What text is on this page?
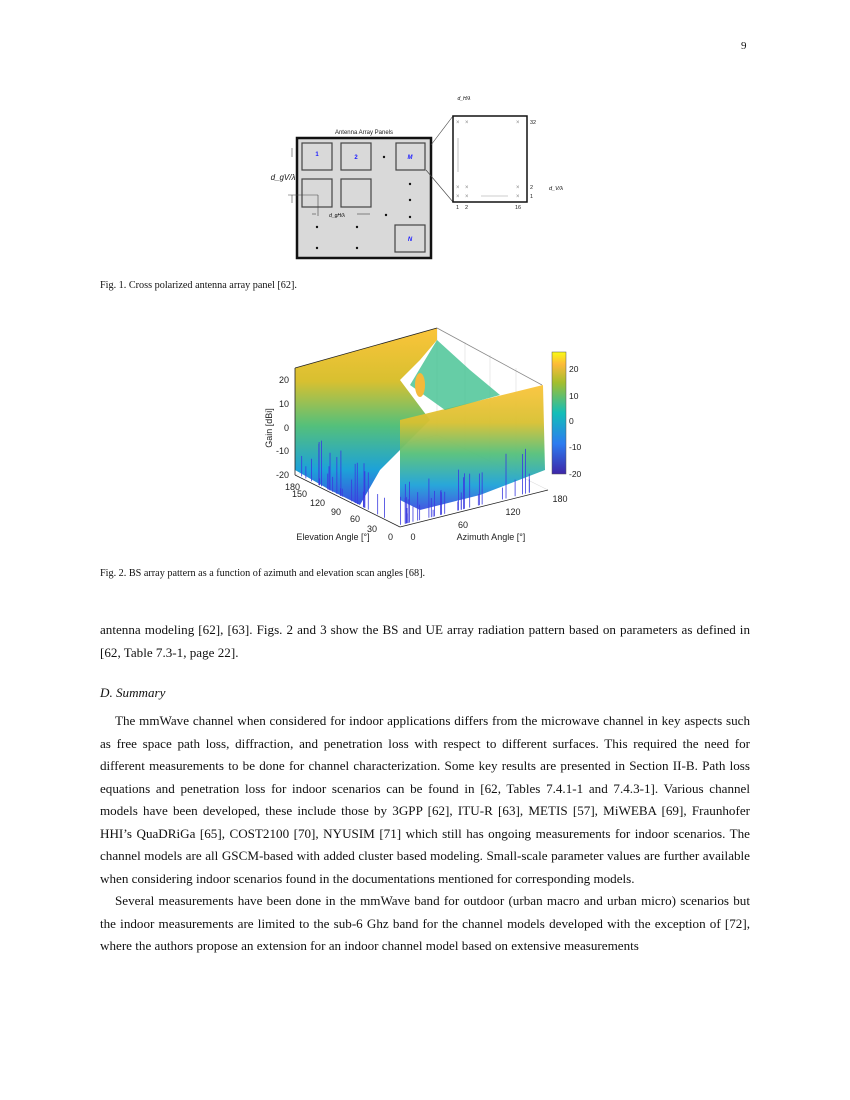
9
Antenna Array Panels
1	2	M
N
d_gV/λ
d_gH/λ
× ×	×
× ×	×
× ×	×
d_H/λ
d_V/λ
32
2
1
1 2	16
Fig. 1. Cross polarized antenna array panel [62].
20
10
0
-10
-20
180
150
120
90
60
30
0 0
60
120
180
Elevation Angle [°]	Azimuth Angle [°]
Gain [dBi]
20
10
0
-10
-20
Fig. 2. BS array pattern as a function of azimuth and elevation scan angles [68].
antenna modeling [62], [63]. Figs. 2 and 3 show the BS and UE array radiation pattern based on parameters as defined in [62, Table 7.3-1, page 22].
D. Summary

The mmWave channel when considered for indoor applications differs from the microwave channel in key aspects such as free space path loss, diffraction, and penetration loss with respect to different surfaces. This required the need for different measurements to be done for channel characterization. Some key results are presented in Section II-B. Path loss equations and penetration loss for indoor scenarios can be found in [62, Tables 7.4.1-1 and 7.4.3-1]. Various channel models have been developed, these include those by 3GPP [62], ITU-R [63], METIS [57], MiWEBA [69], Fraunhofer HHI’s QuaDRiGa [65], COST2100 [70], NYUSIM [71] which still has ongoing measurements for indoor scenarios. The channel models are all GSCM-based with added cluster based modeling. Small-scale parameter values are further available when considering indoor scenarios found in the documentations mentioned for corresponding models.

Several measurements have been done in the mmWave band for outdoor (urban macro and urban micro) scenarios but the indoor measurements are limited to the sub-6 Ghz band for the channel models developed with the exception of [72], where the authors propose an extension for an indoor channel model based on extensive measurements
